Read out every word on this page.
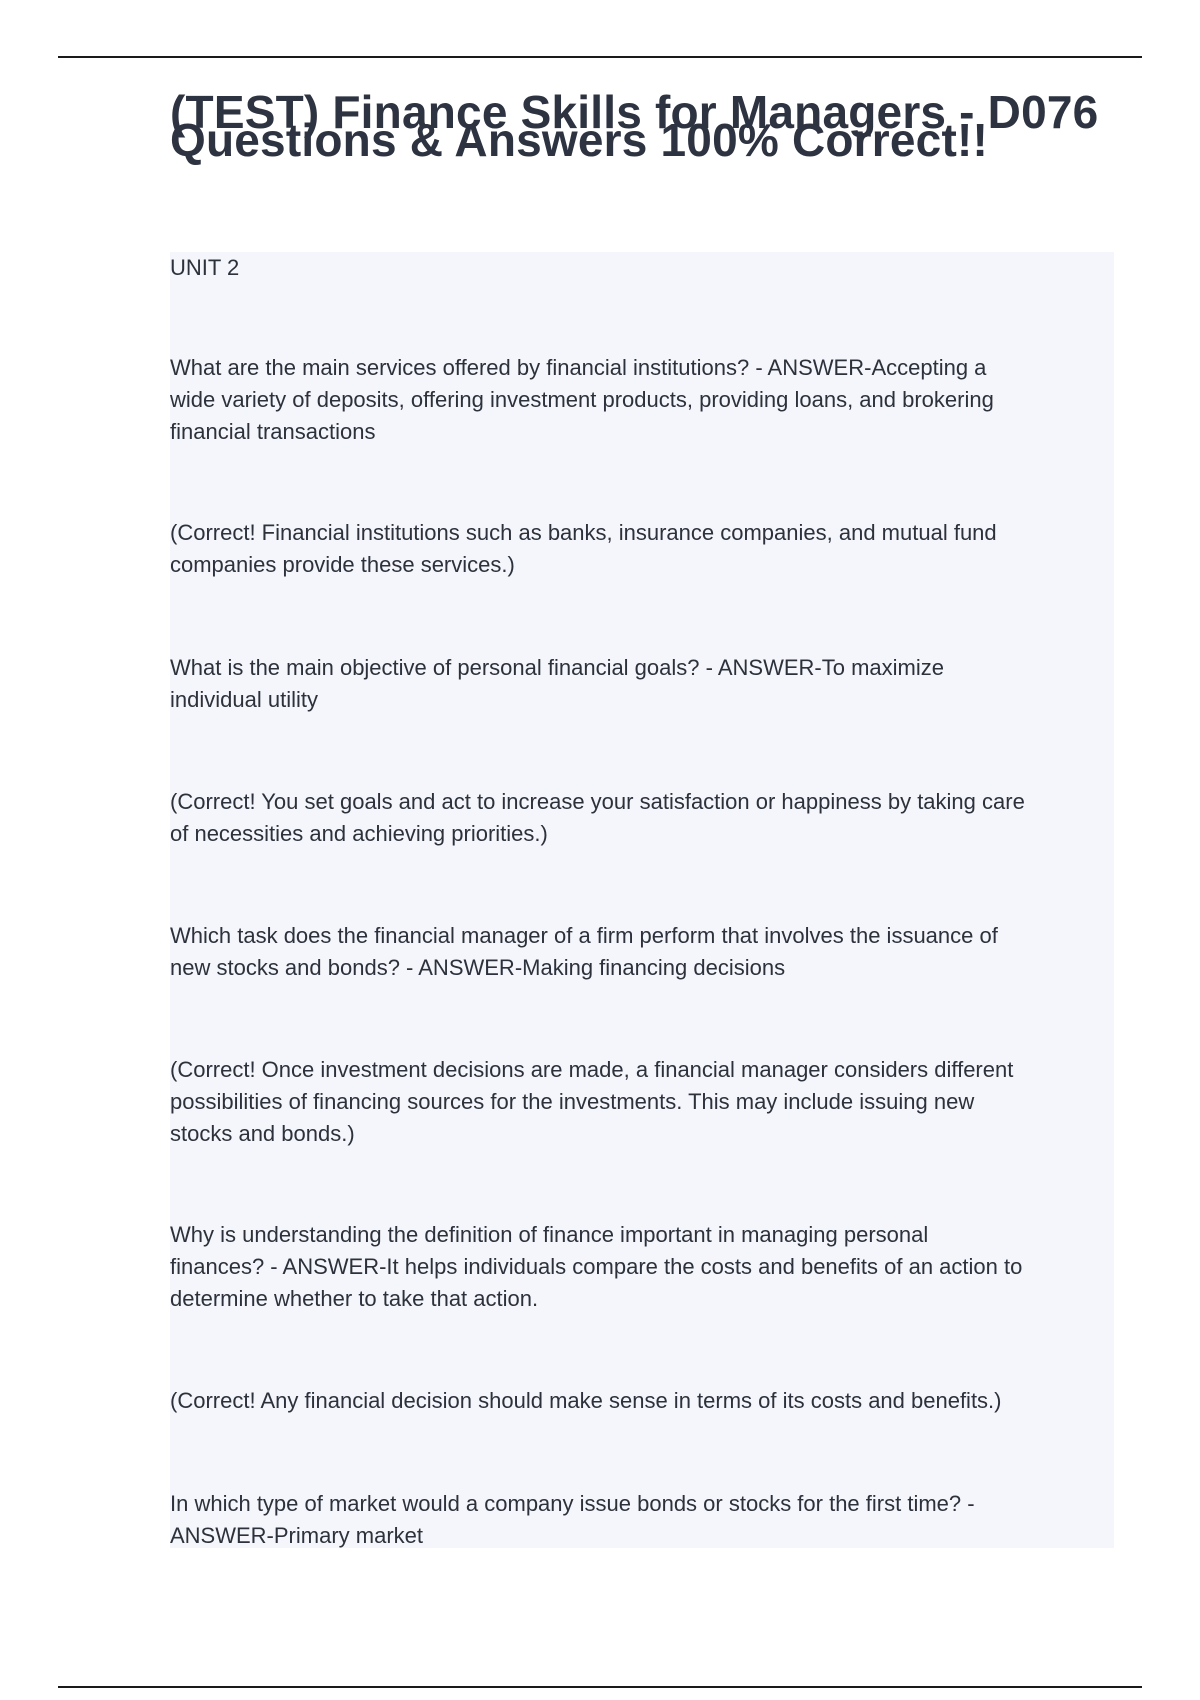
(TEST) Finance Skills for Managers - D076 Questions & Answers 100% Correct!!

UNIT 2

What are the main services offered by financial institutions? - ANSWER-Accepting a
wide variety of deposits, offering investment products, providing loans, and brokering
financial transactions

(Correct! Financial institutions such as banks, insurance companies, and mutual fund
companies provide these services.)

What is the main objective of personal financial goals? - ANSWER-To maximize
individual utility

(Correct! You set goals and act to increase your satisfaction or happiness by taking care
of necessities and achieving priorities.)

Which task does the financial manager of a firm perform that involves the issuance of
new stocks and bonds? - ANSWER-Making financing decisions

(Correct! Once investment decisions are made, a financial manager considers different
possibilities of financing sources for the investments. This may include issuing new
stocks and bonds.)

Why is understanding the definition of finance important in managing personal
finances? - ANSWER-It helps individuals compare the costs and benefits of an action to
determine whether to take that action.

(Correct! Any financial decision should make sense in terms of its costs and benefits.)

In which type of market would a company issue bonds or stocks for the first time? -
ANSWER-Primary market
